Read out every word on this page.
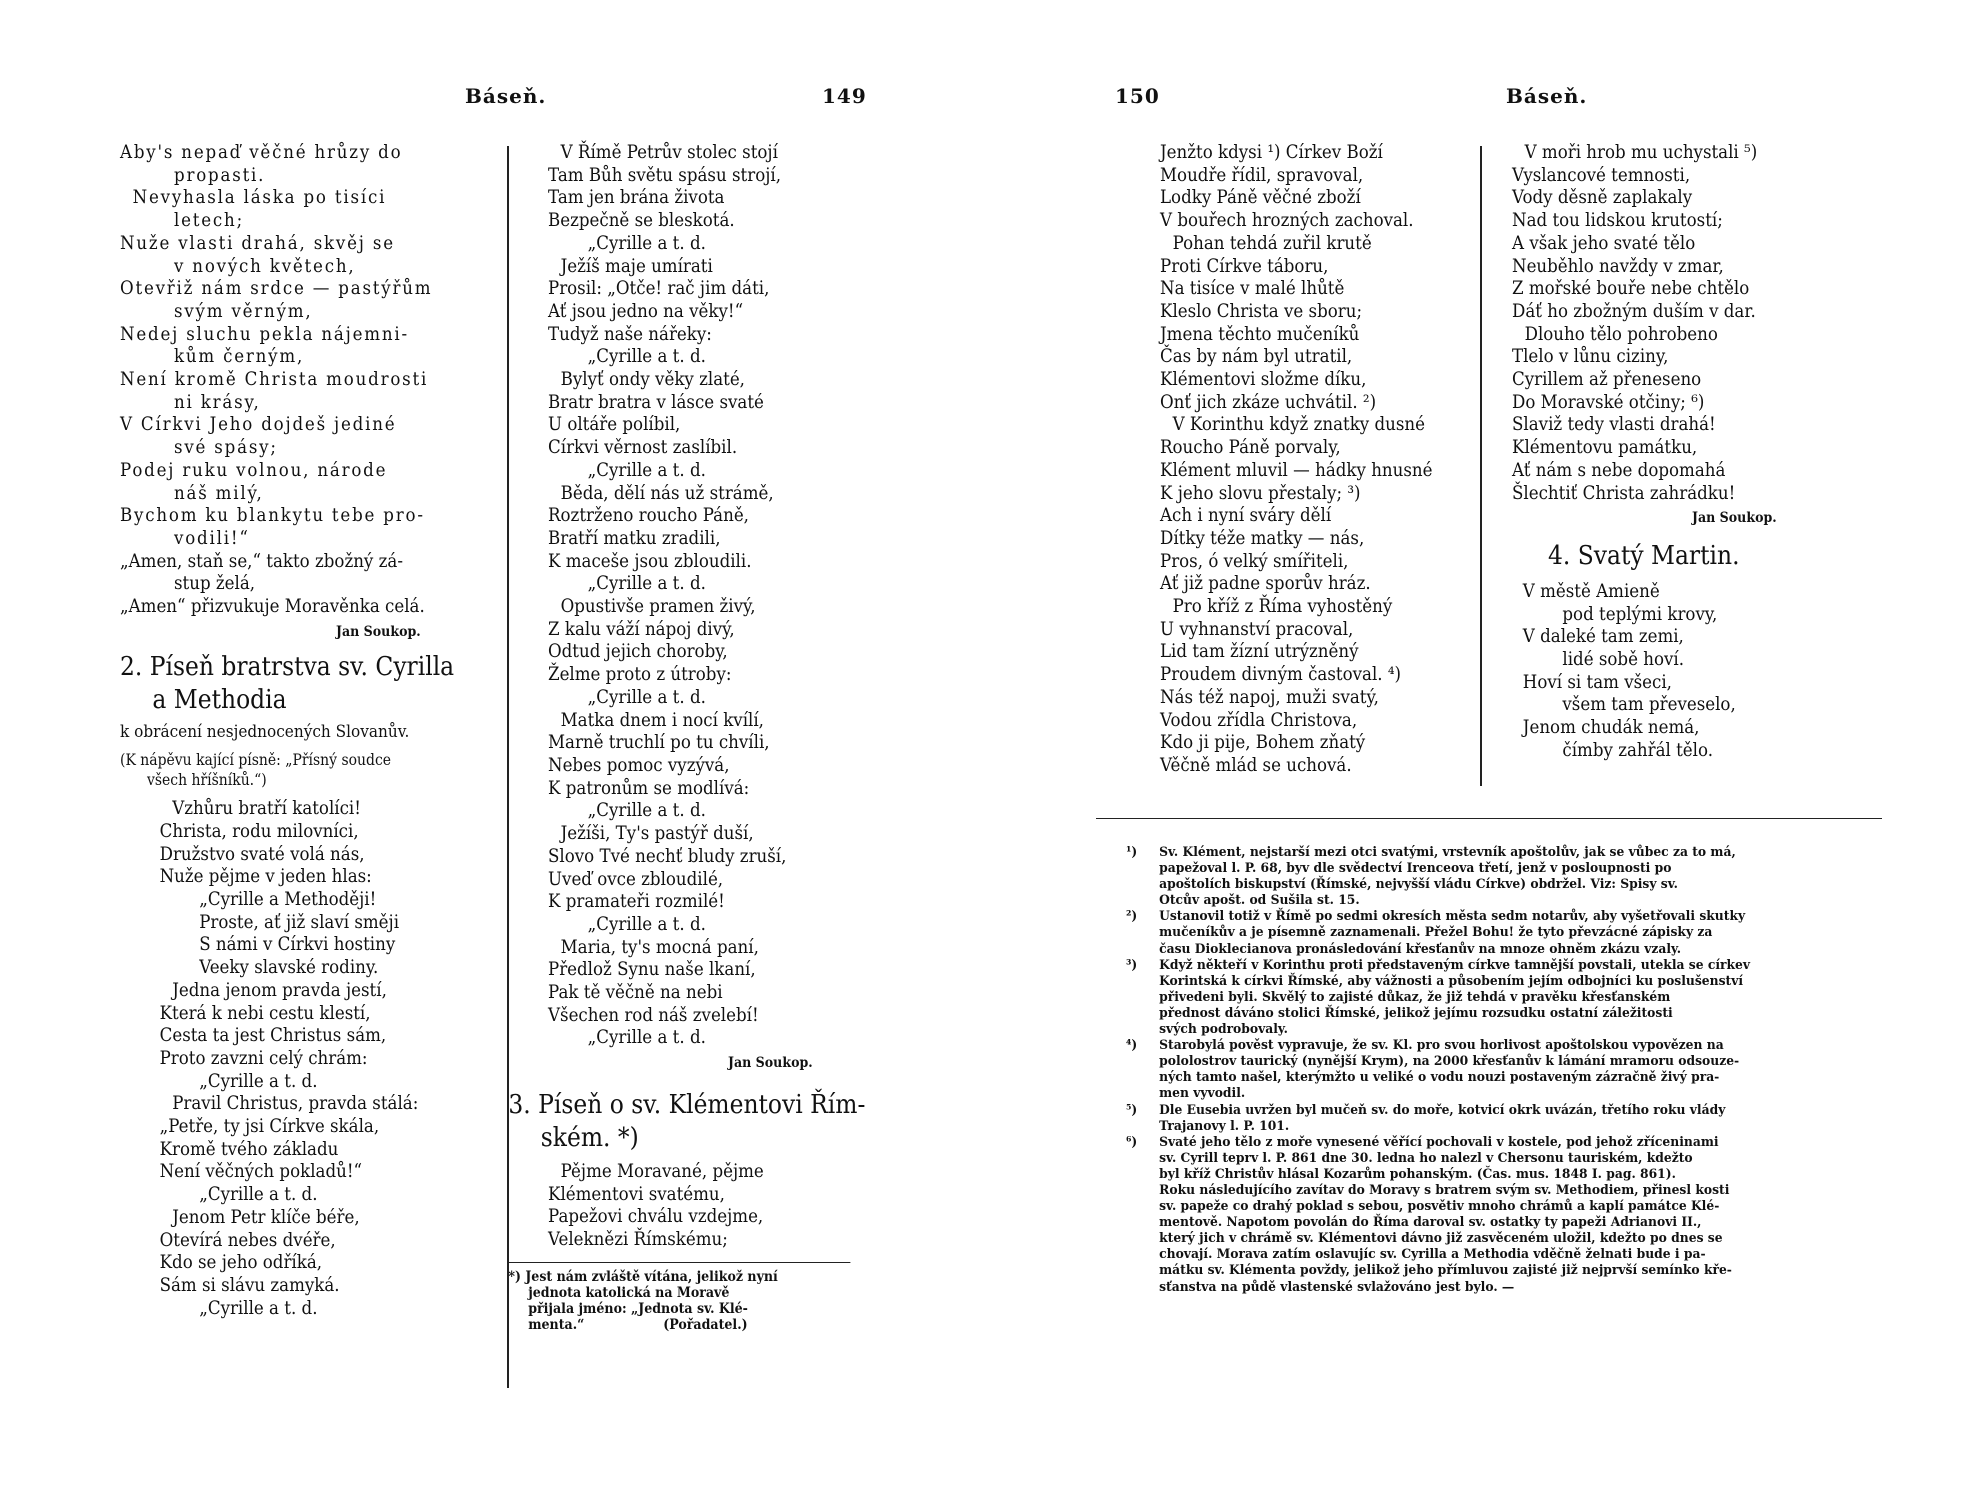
Báseň.	149
Aby's nepaď věčné hrůzy do
propasti.
Nevyhasla láska po tisíci
letech;
Nuže vlasti drahá, skvěj se
v nových květech,
Otevřiž nám srdce — pastýřům
svým věrným,
Nedej sluchu pekla nájemni-
kům černým,
Není kromě Christa moudrosti
ni krásy,
V Církvi Jeho dojdeš jediné
své spásy;
Podej ruku volnou, národe
náš milý,
Bychom ku blankytu tebe pro-
vodili!“
„Amen, staň se,“ takto zbožný zá-
stup želá,
„Amen“ přizvukuje Moravěnka celá.
Jan Soukop.
2. Píseň bratrstva sv. Cyrilla
a Methodia
k obrácení nesjednocených Slovanův.
(K nápěvu kající písně: „Přísný soudce
všech hříšníků.“)
Vzhůru bratří katolíci!
Christa, rodu milovníci,
Družstvo svaté volá nás,
Nuže pějme v jeden hlas:
„Cyrille a Methoději!
Proste, ať již slaví směji
S námi v Církvi hostiny
Veeky slavské rodiny.
Jedna jenom pravda jestí,
Která k nebi cestu klestí,
Cesta ta jest Christus sám,
Proto zavzni celý chrám:
„Cyrille a t. d.
Pravil Christus, pravda stálá:
„Petře, ty jsi Církve skála,
Kromě tvého základu
Není věčných pokladů!“
„Cyrille a t. d.
Jenom Petr klíče béře,
Otevírá nebes dvéře,
Kdo se jeho odříká,
Sám si slávu zamyká.
„Cyrille a t. d.
V Římě Petrův stolec stojí
Tam Bůh světu spásu strojí,
Tam jen brána života
Bezpečně se bleskotá.
„Cyrille a t. d.
Ježíš maje umírati
Prosil: „Otče! rač jim dáti,
Ať jsou jedno na věky!“
Tudyž naše nářeky:
„Cyrille a t. d.
Bylyť ondy věky zlaté,
Bratr bratra v lásce svaté
U oltáře políbil,
Církvi věrnost zaslíbil.
„Cyrille a t. d.
Běda, dělí nás už strámě,
Roztrženo roucho Páně,
Bratří matku zradili,
K maceše jsou zbloudili.
„Cyrille a t. d.
Opustivše pramen živý,
Z kalu váží nápoj divý,
Odtud jejich choroby,
Želme proto z útroby:
„Cyrille a t. d.
Matka dnem i nocí kvílí,
Marně truchlí po tu chvíli,
Nebes pomoc vyzývá,
K patronům se modlívá:
„Cyrille a t. d.
Ježíši, Ty's pastýř duší,
Slovo Tvé nechť bludy zruší,
Uveď ovce zbloudilé,
K pramateři rozmilé!
„Cyrille a t. d.
Maria, ty's mocná paní,
Předlož Synu naše lkaní,
Pak tě věčně na nebi
Všechen rod náš zvelebí!
„Cyrille a t. d.
Jan Soukop.
3. Píseň o sv. Klémentovi Řím-
ském. *)
Pějme Moravané, pějme
Klémentovi svatému,
Papežovi chválu vzdejme,
Veleknězi Římskému;
*) Jest nám zvláště vítána, jelikož nyní
jednota katolická na Moravě
přijala jméno: „Jednota sv. Klé-
menta.“                  (Pořadatel.)
150	Báseň.
Jenžto kdysi ¹) Církev Boží
Moudře řídil, spravoval,
Lodky Páně věčné zboží
V bouřech hrozných zachoval.
Pohan tehdá zuřil krutě
Proti Církve táboru,
Na tisíce v malé lhůtě
Kleslo Christa ve sboru;
Jmena těchto mučeníků
Čas by nám byl utratil,
Klémentovi složme díku,
Onť jich zkáze uchvátil. ²)
V Korinthu když znatky dusné
Roucho Páně porvaly,
Klément mluvil — hádky hnusné
K jeho slovu přestaly; ³)
Ach i nyní sváry dělí
Dítky téže matky — nás,
Pros, ó velký smířiteli,
Ať již padne sporův hráz.
Pro kříž z Říma vyhostěný
U vyhnanství pracoval,
Lid tam žízní utrýzněný
Proudem divným častoval. ⁴)
Nás též napoj, muži svatý,
Vodou zřídla Christova,
Kdo ji pije, Bohem zňatý
Věčně mlád se uchová.
V moři hrob mu uchystali ⁵)
Vyslancové temnosti,
Vody děsně zaplakaly
Nad tou lidskou krutostí;
A však jeho svaté tělo
Neuběhlo navždy v zmar,
Z mořské bouře nebe chtělo
Dáť ho zbožným duším v dar.
Dlouho tělo pohrobeno
Tlelo v lůnu ciziny,
Cyrillem až přeneseno
Do Moravské otčiny; ⁶)
Slaviž tedy vlasti drahá!
Klémentovu památku,
Ať nám s nebe dopomahá
Šlechtiť Christa zahrádku!
Jan Soukop.
4. Svatý Martin.
V městě Amieně
pod teplými krovy,
V daleké tam zemi,
lidé sobě hoví.
Hoví si tam všeci,
všem tam převeselo,
Jenom chudák nemá,
čímby zahřál tělo.
¹) Sv. Klément, nejstarší mezi otci svatými, vrstevník apoštolův, jak se vůbec za to má,
papežoval l. P. 68, byv dle svědectví Irenceova třetí, jenž v posloupnosti po
apoštolích biskupství (Římské, nejvyšší vládu Církve) obdržel. Viz: Spisy sv.
Otcův apošt. od Sušila st. 15.
²) Ustanovil totiž v Římě po sedmi okresích města sedm notarův, aby vyšetřovali skutky
mučeníkův a je písemně zaznamenali. Přežel Bohu! že tyto převzácné zápisky za
času Dioklecianova pronásledování křesťanův na mnoze ohněm zkázu vzaly.
³) Když někteří v Korinthu proti představeným církve tamnější povstali, utekla se církev
Korintská k církvi Římské, aby vážnosti a působením jejím odbojníci ku poslušenství
přivedeni byli. Skvělý to zajisté důkaz, že již tehdá v pravěku křesťanském
přednost dáváno stolici Římské, jelikož jejímu rozsudku ostatní záležitosti
svých podrobovaly.
⁴) Starobylá pověst vypravuje, že sv. Kl. pro svou horlivost apoštolskou vypovězen na
pololostrov taurický (nynější Krym), na 2000 křesťanův k lámání mramoru odsouze-
ných tamto našel, kterýmžto u veliké o vodu nouzi postaveným zázračně živý pra-
men vyvodil.
⁵) Dle Eusebia uvržen byl mučeň sv. do moře, kotvicí okrk uvázán, třetího roku vlády
Trajanovy l. P. 101.
⁶) Svaté jeho tělo z moře vynesené věřící pochovali v kostele, pod jehož zříceninami
sv. Cyrill teprv l. P. 861 dne 30. ledna ho nalezl v Chersonu tauriském, kdežto
byl kříž Christův hlásal Kozarům pohanským. (Čas. mus. 1848 I. pag. 861).
Roku následujícího zavítav do Moravy s bratrem svým sv. Methodiem, přinesl kosti
sv. papeže co drahý poklad s sebou, posvětiv mnoho chrámů a kaplí památce Klé-
mentově. Napotom povolán do Říma daroval sv. ostatky ty papeži Adrianovi II.,
který jich v chrámě sv. Klémentovi dávno již zasvěceném uložil, kdežto po dnes se
chovají. Morava zatím oslavujíc sv. Cyrilla a Methodia vděčně želnati bude i pa-
mátku sv. Klémenta povždy, jelikož jeho přímluvou zajisté již nejprvší semínko kře-
sťanstva na půdě vlastenské svlažováno jest bylo. —
